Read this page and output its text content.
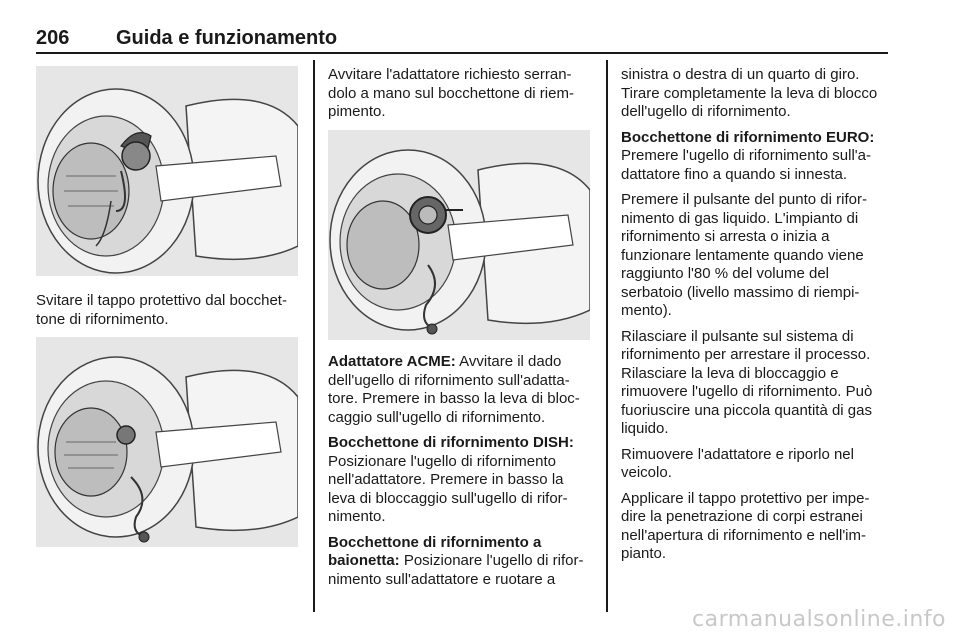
206 Guida e funzionamento

Svitare il tappo protettivo dal bocchet-tone di rifornimento.

Avvitare l'adattatore richiesto serran-dolo a mano sul bocchettone di riem-pimento.

Adattatore ACME: Avvitare il dado dell'ugello di rifornimento sull'adatta-tore. Premere in basso la leva di bloc-caggio sull'ugello di rifornimento.

Bocchettone di rifornimento DISH:
Posizionare l'ugello di rifornimento nell'adattatore. Premere in basso la leva di bloccaggio sull'ugello di rifor-nimento.

Bocchettone di rifornimento a baionetta: Posizionare l'ugello di rifor-nimento sull'adattatore e ruotare a

sinistra o destra di un quarto di giro. Tirare completamente la leva di blocco dell'ugello di rifornimento.

Bocchettone di rifornimento EURO:
Premere l'ugello di rifornimento sull'a-dattatore fino a quando si innesta.

Premere il pulsante del punto di rifor-nimento di gas liquido. L'impianto di rifornimento si arresta o inizia a funzionare lentamente quando viene raggiunto l'80 % del volume del serbatoio (livello massimo di riempi-mento).

Rilasciare il pulsante sul sistema di rifornimento per arrestare il processo. Rilasciare la leva di bloccaggio e rimuovere l'ugello di rifornimento. Può fuoriuscire una piccola quantità di gas liquido.

Rimuovere l'adattatore e riporlo nel veicolo.

Applicare il tappo protettivo per impe-dire la penetrazione di corpi estranei nell'apertura di rifornimento e nell'im-pianto.

carmanualsonline.info
